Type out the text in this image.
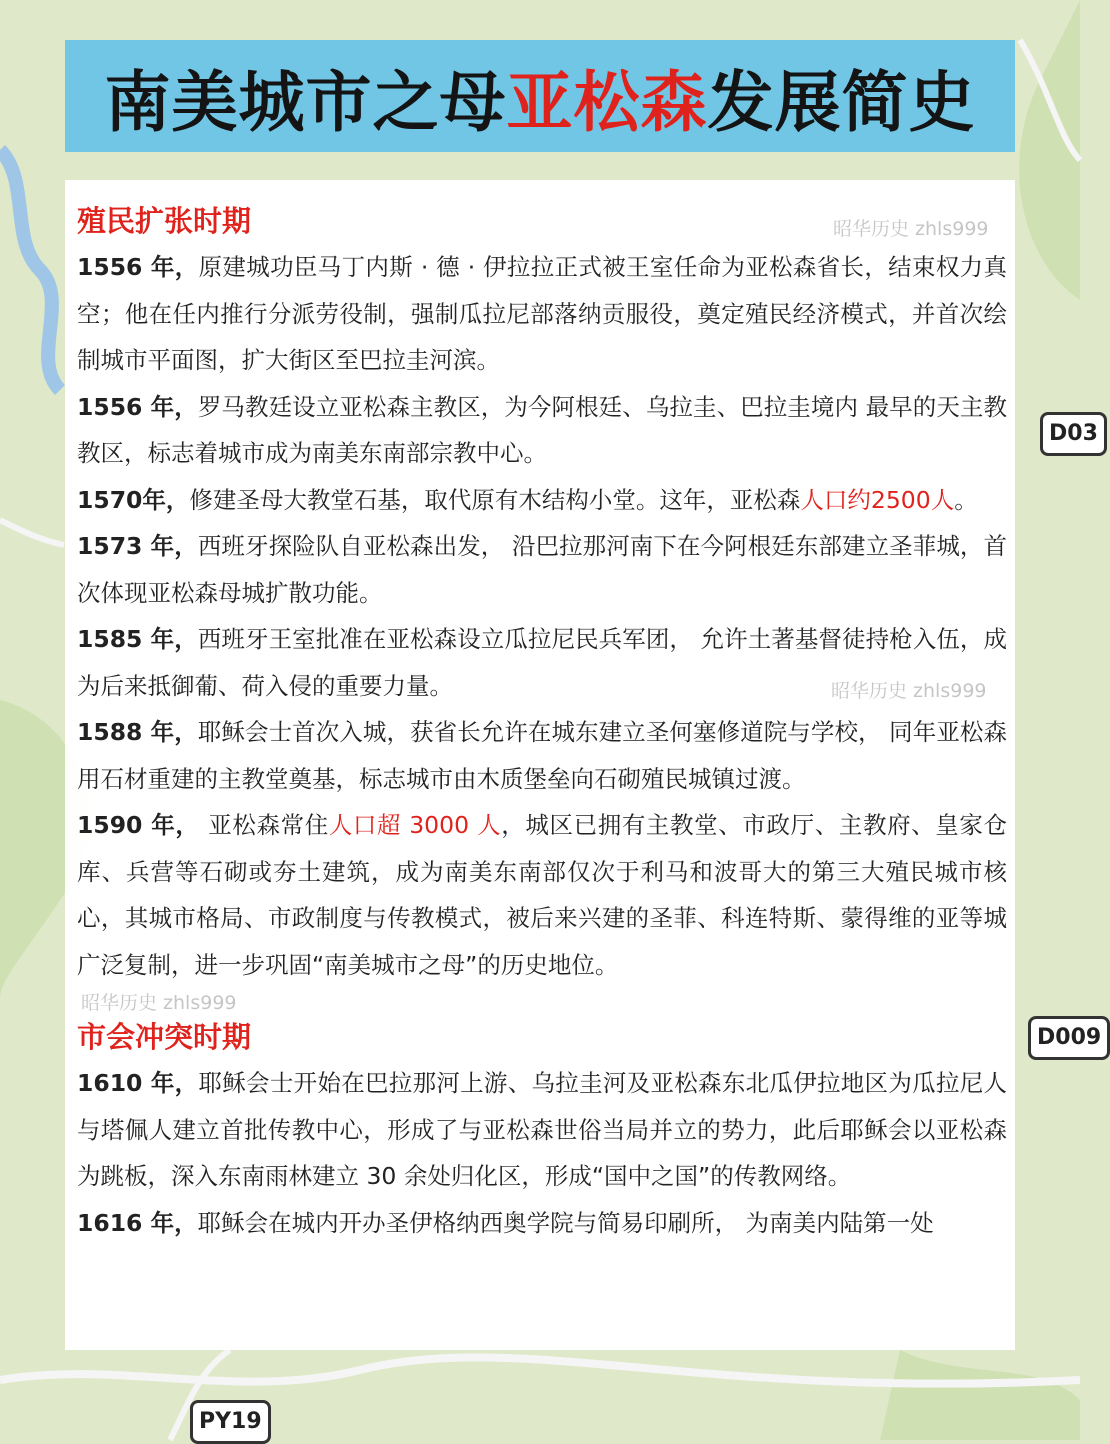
D03
D009
PY19
南美城市之母亚松森发展简史
昭华历史 zhls999
昭华历史 zhls999
昭华历史 zhls999
殖民扩张时期

1556 年，原建城功臣马丁内斯 · 德 · 伊拉拉正式被王室任命为亚松森省长，结束权力真空；他在任内推行分派劳役制，强制瓜拉尼部落纳贡服役，奠定殖民经济模式，并首次绘制城市平面图，扩大街区至巴拉圭河滨。

1556 年，罗马教廷设立亚松森主教区，为今阿根廷、乌拉圭、巴拉圭境内 最早的天主教教区，标志着城市成为南美东南部宗教中心。

1570年，修建圣母大教堂石基，取代原有木结构小堂。这年，亚松森人口约2500人。

1573 年，西班牙探险队自亚松森出发， 沿巴拉那河南下在今阿根廷东部建立圣菲城，首次体现亚松森母城扩散功能。

1585 年，西班牙王室批准在亚松森设立瓜拉尼民兵军团， 允许土著基督徒持枪入伍，成为后来抵御葡、荷入侵的重要力量。

1588 年，耶稣会士首次入城，获省长允许在城东建立圣何塞修道院与学校， 同年亚松森用石材重建的主教堂奠基，标志城市由木质堡垒向石砌殖民城镇过渡。

1590 年， 亚松森常住人口超 3000 人，城区已拥有主教堂、市政厅、主教府、皇家仓库、兵营等石砌或夯土建筑，成为南美东南部仅次于利马和波哥大的第三大殖民城市核心，其城市格局、市政制度与传教模式，被后来兴建的圣菲、科连特斯、蒙得维的亚等城广泛复制，进一步巩固“南美城市之母”的历史地位。

市会冲突时期

1610 年，耶稣会士开始在巴拉那河上游、乌拉圭河及亚松森东北瓜伊拉地区为瓜拉尼人与塔佩人建立首批传教中心，形成了与亚松森世俗当局并立的势力，此后耶稣会以亚松森为跳板，深入东南雨林建立 30 余处归化区，形成“国中之国”的传教网络。

1616 年，耶稣会在城内开办圣伊格纳西奥学院与简易印刷所， 为南美内陆第一处
